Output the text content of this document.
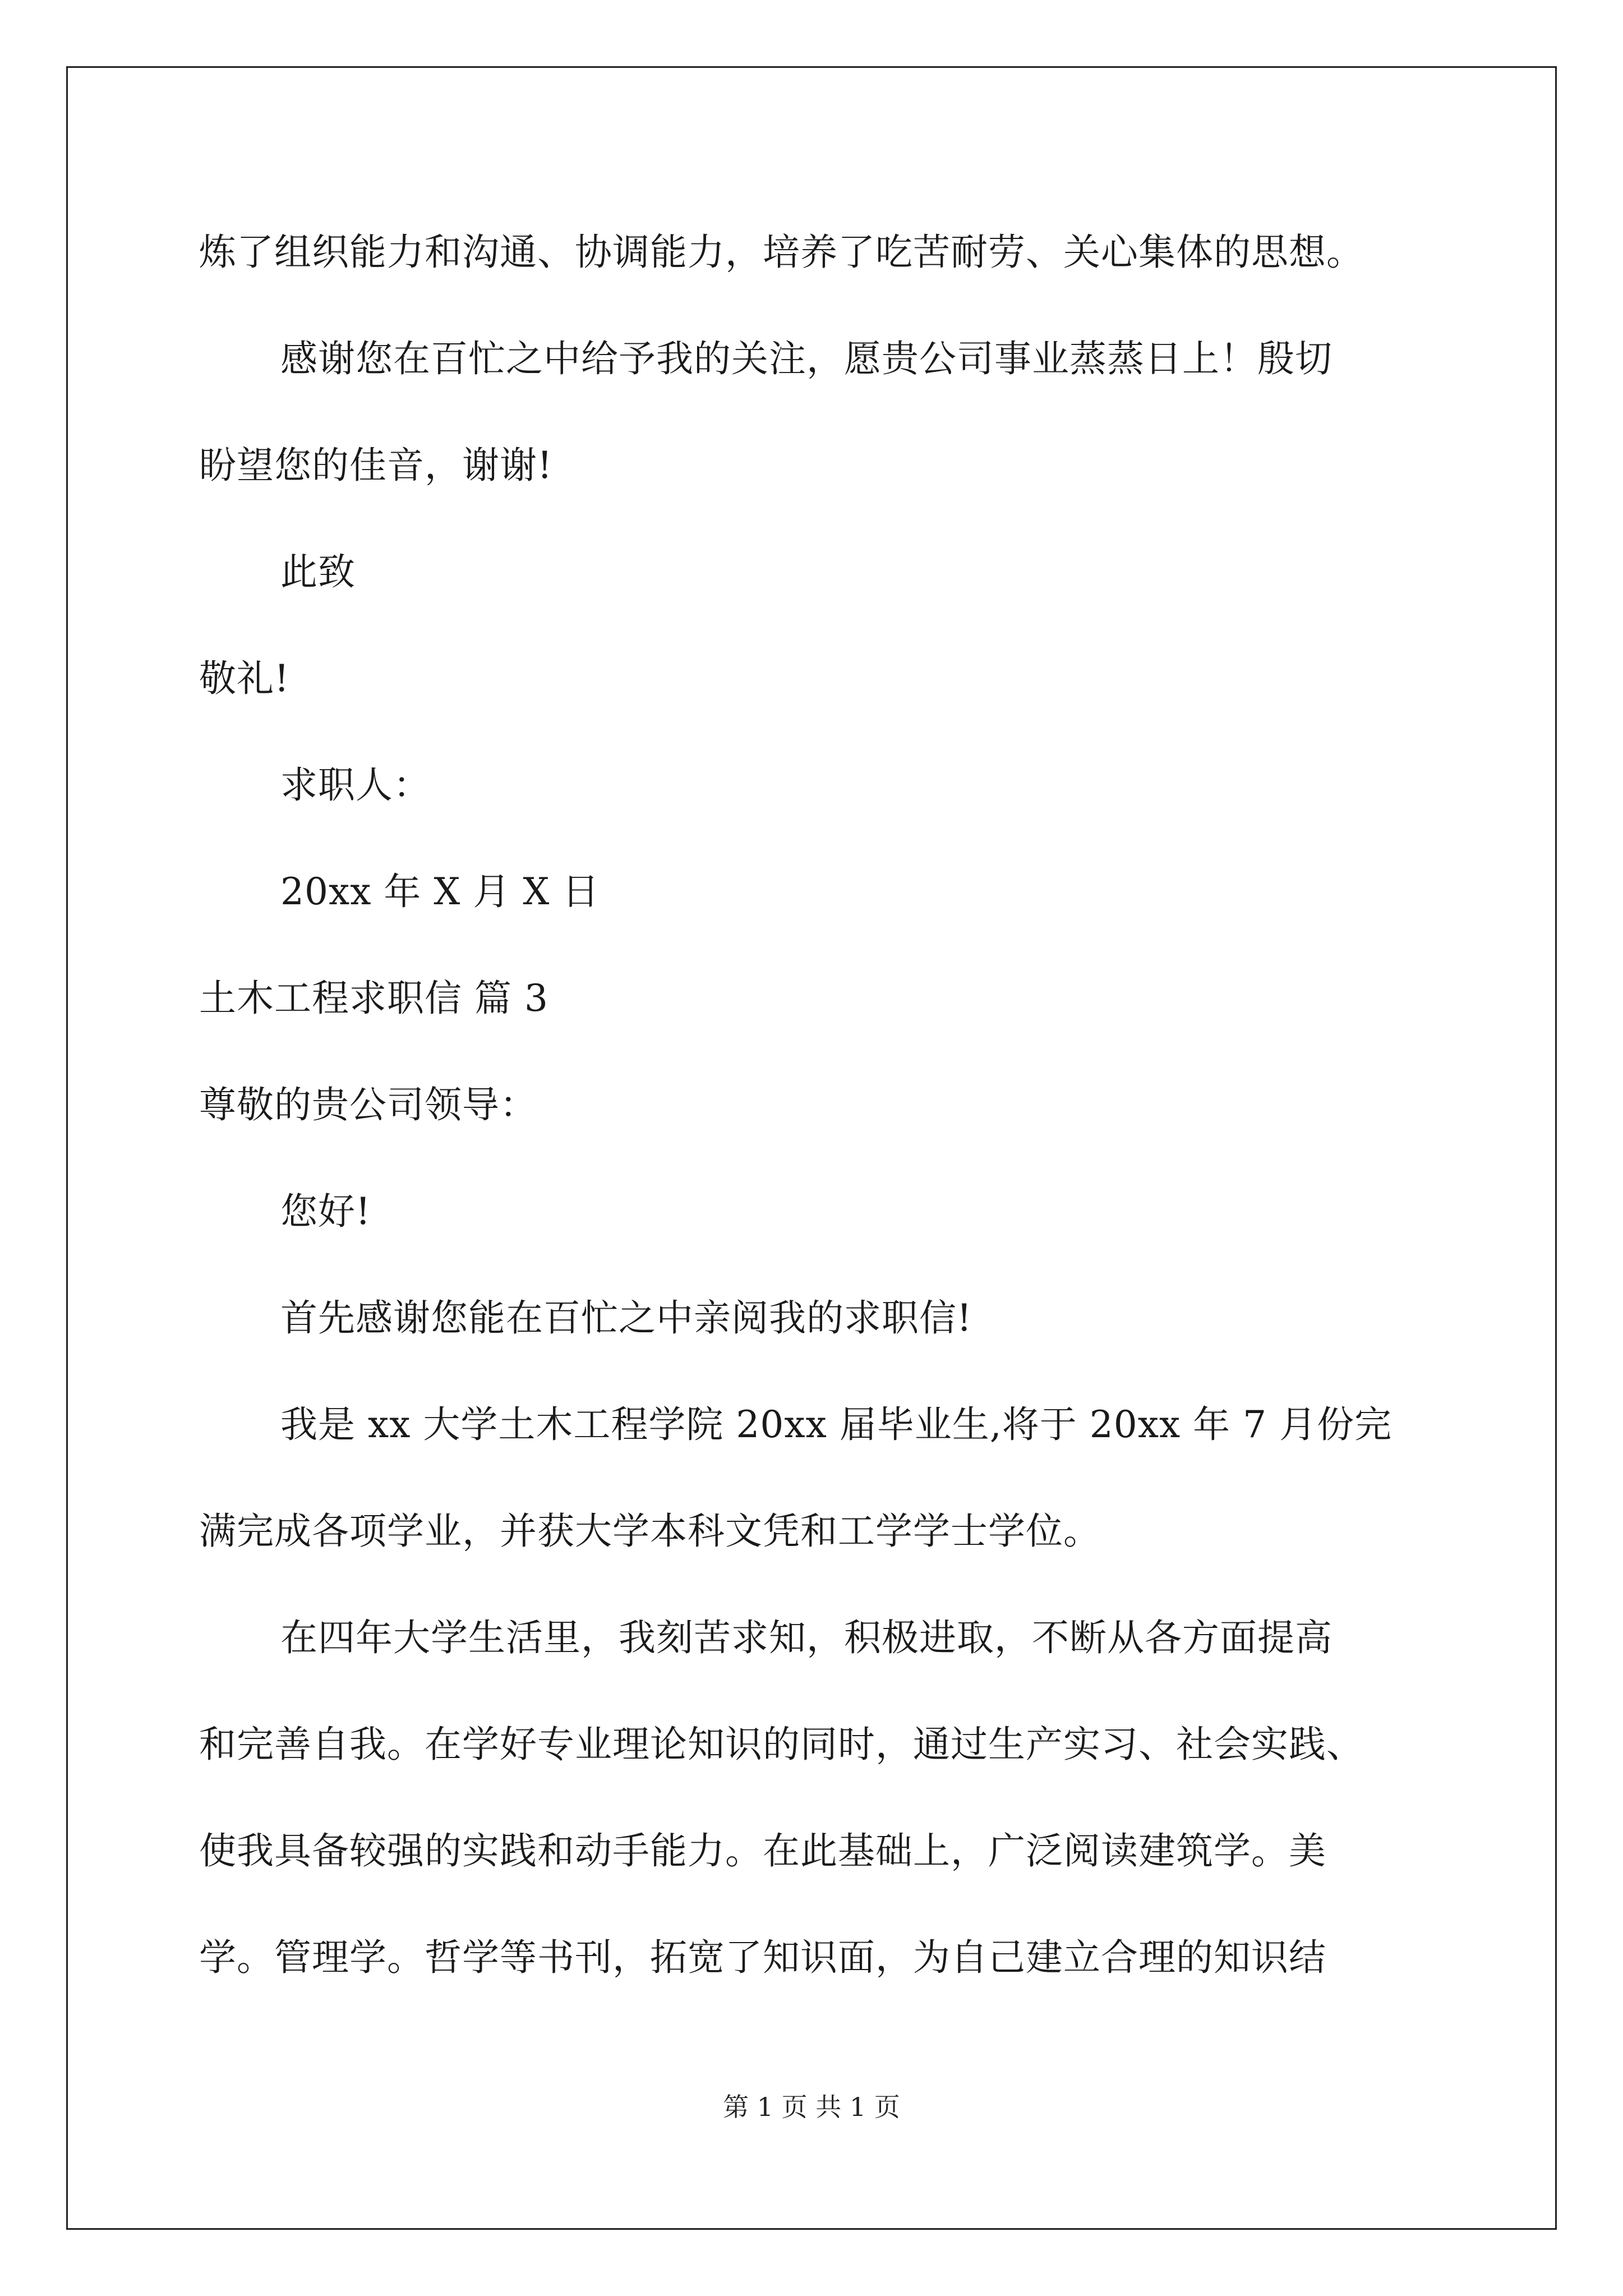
炼了组织能力和沟通、协调能力，培养了吃苦耐劳、关心集体的思想。
感谢您在百忙之中给予我的关注，愿贵公司事业蒸蒸日上！殷切
盼望您的佳音，谢谢!
此致
敬礼!
求职人：
20xx 年 X 月 X 日
土木工程求职信 篇 3
尊敬的贵公司领导：
您好!
首先感谢您能在百忙之中亲阅我的求职信!
我是 xx 大学土木工程学院 20xx 届毕业生,将于 20xx 年 7 月份完
满完成各项学业，并获大学本科文凭和工学学士学位。
在四年大学生活里，我刻苦求知，积极进取，不断从各方面提高
和完善自我。在学好专业理论知识的同时，通过生产实习、社会实践、
使我具备较强的实践和动手能力。在此基础上，广泛阅读建筑学。美
学。管理学。哲学等书刊，拓宽了知识面，为自己建立合理的知识结
第 1 页 共 1 页
